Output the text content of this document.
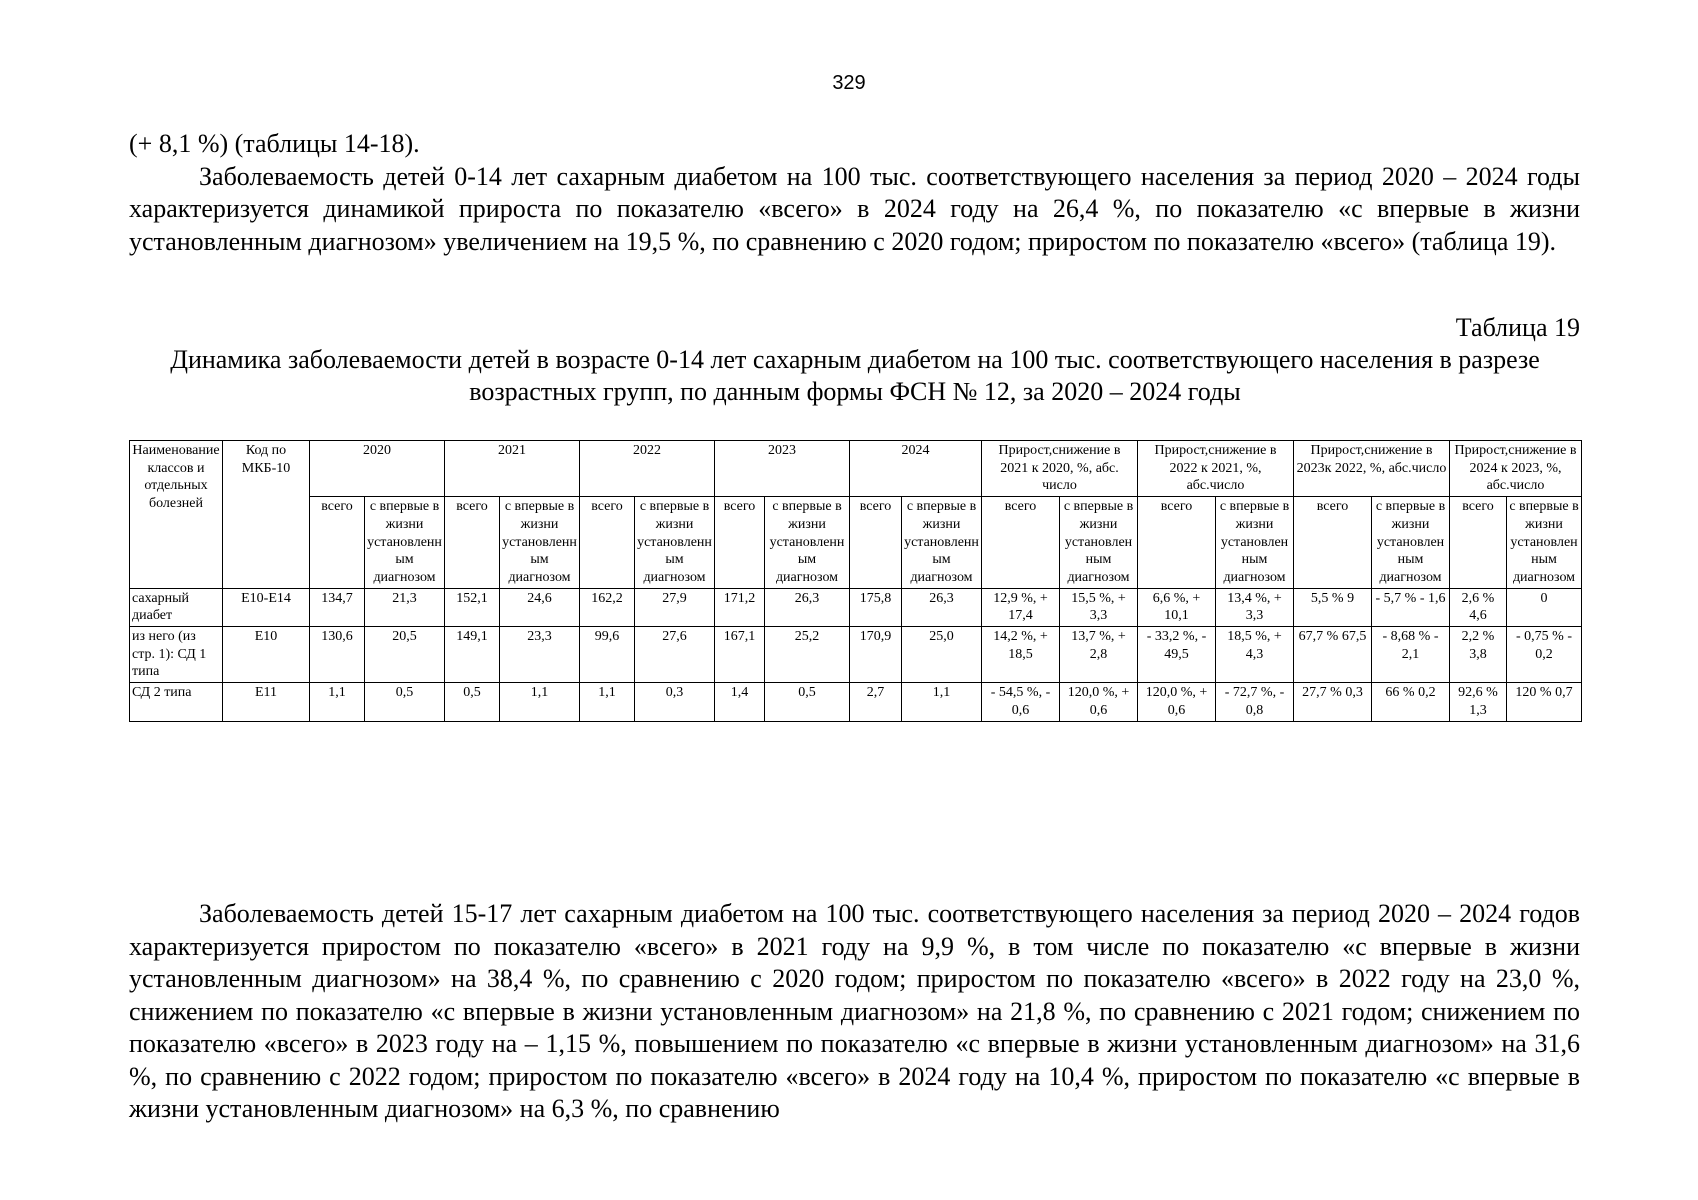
329

(+ 8,1 %) (таблицы 14-18).

Заболеваемость детей 0-14 лет сахарным диабетом на 100 тыс. соответствующего населения за период 2020 – 2024 годы характеризуется динамикой прироста по показателю «всего» в 2024 году на 26,4 %, по показателю «с впервые в жизни установленным диагнозом» увеличением на 19,5 %, по сравнению с 2020 годом; приростом по показателю «всего» (таблица 19).

Таблица 19
Динамика заболеваемости детей в возрасте 0-14 лет сахарным диабетом на 100 тыс. соответствующего населения в разрезе возрастных групп, по данным формы ФСН № 12, за 2020 – 2024 годы
Наименование классов и отдельных болезней	Код по МКБ-10	2020		2021		2022		2023		2024		Прирост,снижение в 2021 к 2020, %, абс. число		Прирост,снижение в 2022 к 2021, %, абс.число		Прирост,снижение в 2023к 2022, %, абс.число		Прирост,снижение в 2024 к 2023, %, абс.число	
		всего	с впервые в жизни установленным диагнозом	всего	с впервые в жизни установленным диагнозом	всего	с впервые в жизни установленным диагнозом	всего	с впервые в жизни установленным диагнозом	всего	с впервые в жизни установленным диагнозом	всего	с впервые в жизни установленным диагнозом	всего	с впервые в жизни установленным диагнозом	всего	с впервые в жизни установленным диагнозом	всего	с впервые в жизни установленным диагнозом
сахарный диабет	Е10-Е14	134,7	21,3	152,1	24,6	162,2	27,9	171,2	26,3	175,8	26,3	12,9 %, + 17,4	15,5 %, + 3,3	6,6 %, + 10,1	13,4 %, + 3,3	5,5 % 9	- 5,7 % - 1,6	2,6 % 4,6	0
из него (из стр. 1): СД 1 типа	Е10	130,6	20,5	149,1	23,3	99,6	27,6	167,1	25,2	170,9	25,0	14,2 %, + 18,5	13,7 %, + 2,8	- 33,2 %, - 49,5	18,5 %, + 4,3	67,7 % 67,5	- 8,68 % - 2,1	2,2 % 3,8	- 0,75 % - 0,2
СД 2 типа	Е11	1,1	0,5	0,5	1,1	1,1	0,3	1,4	0,5	2,7	1,1	- 54,5 %, - 0,6	120,0 %, + 0,6	120,0 %, + 0,6	- 72,7 %, - 0,8	27,7 % 0,3	66 % 0,2	92,6 % 1,3	120 % 0,7

Заболеваемость детей 15-17 лет сахарным диабетом на 100 тыс. соответствующего населения за период 2020 – 2024 годов характеризуется приростом по показателю «всего» в 2021 году на 9,9 %, в том числе по показателю «с впервые в жизни установленным диагнозом» на 38,4 %, по сравнению с 2020 годом; приростом по показателю «всего» в 2022 году на 23,0 %, снижением по показателю «с впервые в жизни установленным диагнозом» на 21,8 %, по сравнению с 2021 годом; снижением по показателю «всего» в 2023 году на – 1,15 %, повышением по показателю «с впервые в жизни установленным диагнозом» на 31,6 %, по сравнению с 2022 годом; приростом по показателю «всего» в 2024 году на 10,4 %, приростом по показателю «с впервые в жизни установленным диагнозом» на 6,3 %, по сравнению
